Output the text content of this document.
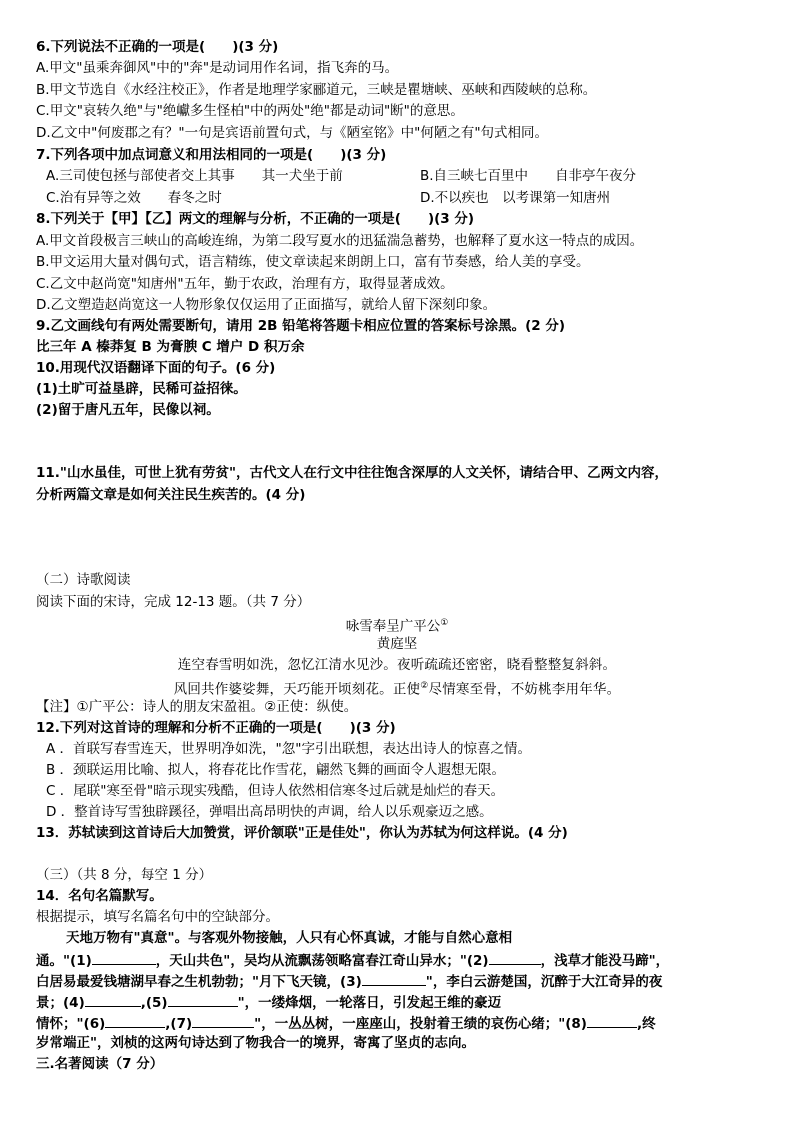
6.下列说法不正确的一项是(　　)(3 分)
A.甲文"虽乘奔御风"中的"奔"是动词用作名词，指飞奔的马。
B.甲文节选自《水经注校正》，作者是地理学家郦道元，三峡是瞿塘峡、巫峡和西陵峡的总称。
C.甲文"哀转久绝"与"绝巘多生怪柏"中的两处"绝"都是动词"断"的意思。
D.乙文中"何废郡之有？"一句是宾语前置句式，与《陋室铭》中"何陋之有"句式相同。
7.下列各项中加点词意义和用法相同的一项是(　　)(3 分)
A.三司使包拯与部使者交上其事　　其一犬坐于前	B.自三峡七百里中　　自非亭午夜分
C.治有异等之效　　春冬之时	D.不以疾也　以考课第一知唐州
8.下列关于【甲】【乙】两文的理解与分析，不正确的一项是(　　)(3 分)
A.甲文首段极言三峡山的高峻连绵，为第二段写夏水的迅猛湍急蓄势，也解释了夏水这一特点的成因。
B.甲文运用大量对偶句式，语言精练，使文章读起来朗朗上口，富有节奏感，给人美的享受。
C.乙文中赵尚宽"知唐州"五年，勤于农政，治理有方，取得显著成效。
D.乙文塑造赵尚宽这一人物形象仅仅运用了正面描写，就给人留下深刻印象。
9.乙文画线句有两处需要断句，请用 2B 铅笔将答题卡相应位置的答案标号涂黑。(2 分)
比三年 A 榛莽复 B 为膏腴 C 增户 D 积万余
10.用现代汉语翻译下面的句子。(6 分)
(1)土旷可益垦辟，民稀可益招徕。
(2)留于唐凡五年，民像以祠。
11."山水虽佳，可世上犹有劳贫"，古代文人在行文中往往饱含深厚的人文关怀，请结合甲、乙两文内容，
分析两篇文章是如何关注民生疾苦的。(4 分)
（二）诗歌阅读
阅读下面的宋诗，完成 12-13 题。（共 7 分）
咏雪奉呈广平公①
黄庭坚
连空春雪明如洗，忽忆江清水见沙。夜听疏疏还密密，晓看整整复斜斜。
风回共作婆娑舞，天巧能开顷刻花。正使②尽情寒至骨，不妨桃李用年华。
【注】①广平公：诗人的朋友宋盈祖。②正使：纵使。
12.下列对这首诗的理解和分析不正确的一项是(　　)(3 分)
A ．首联写春雪连天，世界明净如洗，"忽"字引出联想，表达出诗人的惊喜之情。
B ．颈联运用比喻、拟人，将春花比作雪花，翩然飞舞的画面令人遐想无限。
C ．尾联"寒至骨"暗示现实残酷，但诗人依然相信寒冬过后就是灿烂的春天。
D ．整首诗写雪独辟蹊径，弹唱出高昂明快的声调，给人以乐观豪迈之感。
13．苏轼读到这首诗后大加赞赏，评价颔联"正是佳处"，你认为苏轼为何这样说。(4 分)
（三）（共 8 分，每空 1 分）
14．名句名篇默写。
根据提示，填写名篇名句中的空缺部分。
天地万物有"真意"。与客观外物接触，人只有心怀真诚，才能与自然心意相
通。"(1)	，天山共色"，吴均从流飘荡领略富春江奇山异水；"(2)	，浅草才能没马蹄"，
白居易最爱钱塘湖早春之生机勃勃；"月下飞天镜，(3)	"，李白云游楚国，沉醉于大江奇异的夜
景；(4)	,(5)	"，一缕烽烟，一轮落日，引发起王维的豪迈
情怀；"(6)	,(7)	"，一丛丛树，一座座山，投射着王绩的哀伤心绪；"(8)	,终
岁常端正"，刘桢的这两句诗达到了物我合一的境界，寄寓了坚贞的志向。
三.名著阅读（7 分）
